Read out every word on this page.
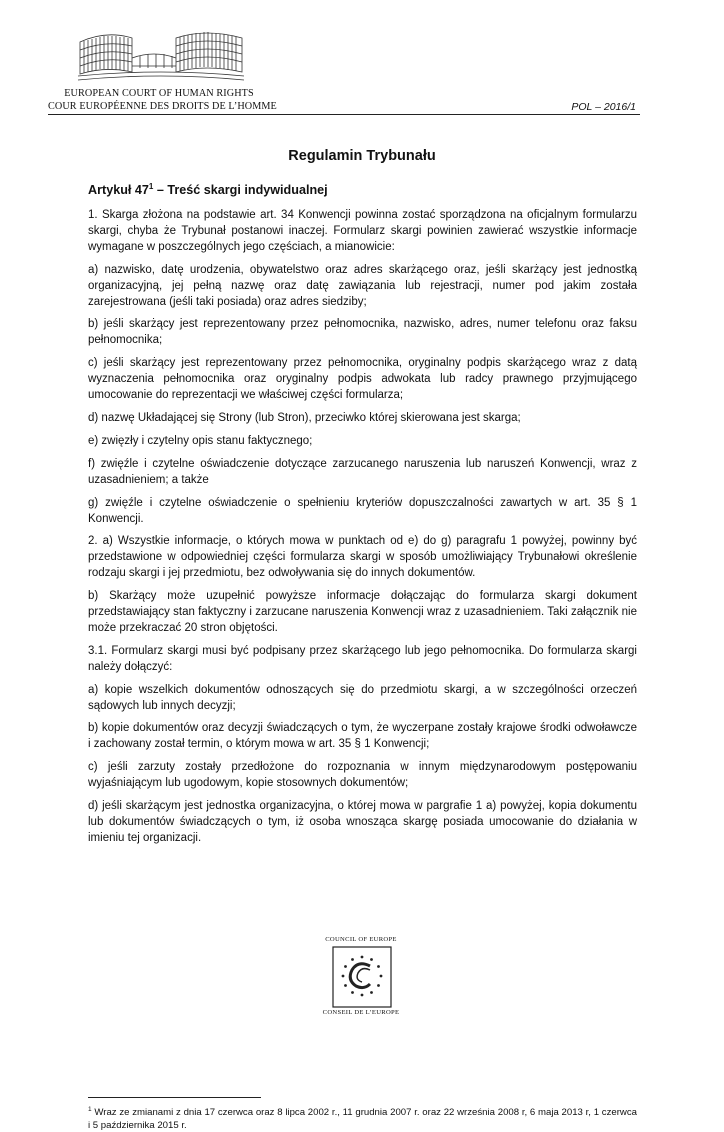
EUROPEAN COURT OF HUMAN RIGHTS
COUR EUROPÉENNE DES DROITS DE L’HOMME	POL – 2016/1
Regulamin Trybunału
Artykuł $47^1$ – Treść skargi indywidualnej

1. Skarga złożona na podstawie art. 34 Konwencji powinna zostać sporządzona na oficjalnym formularzu skargi, chyba że Trybunał postanowi inaczej. Formularz skargi powinien zawierać wszystkie informacje wymagane w poszczególnych jego częściach, a mianowicie:

a) nazwisko, datę urodzenia, obywatelstwo oraz adres skarżącego oraz, jeśli skarżący jest jednostką organizacyjną, jej pełną nazwę oraz datę zawiązania lub rejestracji, numer pod jakim została zarejestrowana (jeśli taki posiada) oraz adres siedziby;

b) jeśli skarżący jest reprezentowany przez pełnomocnika, nazwisko, adres, numer telefonu oraz faksu pełnomocnika;

c) jeśli skarżący jest reprezentowany przez pełnomocnika, oryginalny podpis skarżącego wraz z datą wyznaczenia pełnomocnika oraz oryginalny podpis adwokata lub radcy prawnego przyjmującego umocowanie do reprezentacji we właściwej części formularza;

d) nazwę Układającej się Strony (lub Stron), przeciwko której skierowana jest skarga;

e) zwięzły i czytelny opis stanu faktycznego;

f) zwięźle i czytelne oświadczenie dotyczące zarzucanego naruszenia lub naruszeń Konwencji, wraz z uzasadnieniem; a także

g) zwięźle i czytelne oświadczenie o spełnieniu kryteriów dopuszczalności zawartych w art. 35 § 1 Konwencji.

2. a) Wszystkie informacje, o których mowa w punktach od e) do g) paragrafu 1 powyżej, powinny być przedstawione w odpowiedniej części formularza skargi w sposób umożliwiający Trybunałowi określenie rodzaju skargi i jej przedmiotu, bez odwoływania się do innych dokumentów.

b) Skarżący może uzupełnić powyższe informacje dołączając do formularza skargi dokument przedstawiający stan faktyczny i zarzucane naruszenia Konwencji wraz z uzasadnieniem. Taki załącznik nie może przekraczać 20 stron objętości.

3.1. Formularz skargi musi być podpisany przez skarżącego lub jego pełnomocnika. Do formularza skargi należy dołączyć:

a) kopie wszelkich dokumentów odnoszących się do przedmiotu skargi, a w szczególności orzeczeń sądowych lub innych decyzji;

b) kopie dokumentów oraz decyzji świadczących o tym, że wyczerpane zostały krajowe środki odwoławcze i zachowany został termin, o którym mowa w art. 35 § 1 Konwencji;

c) jeśli zarzuty zostały przedłożone do rozpoznania w innym międzynarodowym postępowaniu wyjaśniającym lub ugodowym, kopie stosownych dokumentów;

d) jeśli skarżącym jest jednostka organizacyjna, o której mowa w pargrafie 1 a) powyżej, kopia dokumentu lub dokumentów świadczących o tym, iż osoba wnosząca skargę posiada umocowanie do działania w imieniu tej organizacji.

$^1$ Wraz ze zmianami z dnia 17 czerwca oraz 8 lipca 2002 r., 11 grudnia 2007 r. oraz 22 września 2008 r, 6 maja 2013 r, 1 czerwca i 5 października 2015 r.

COUNCIL OF EUROPE
CONSEIL DE L’EUROPE
